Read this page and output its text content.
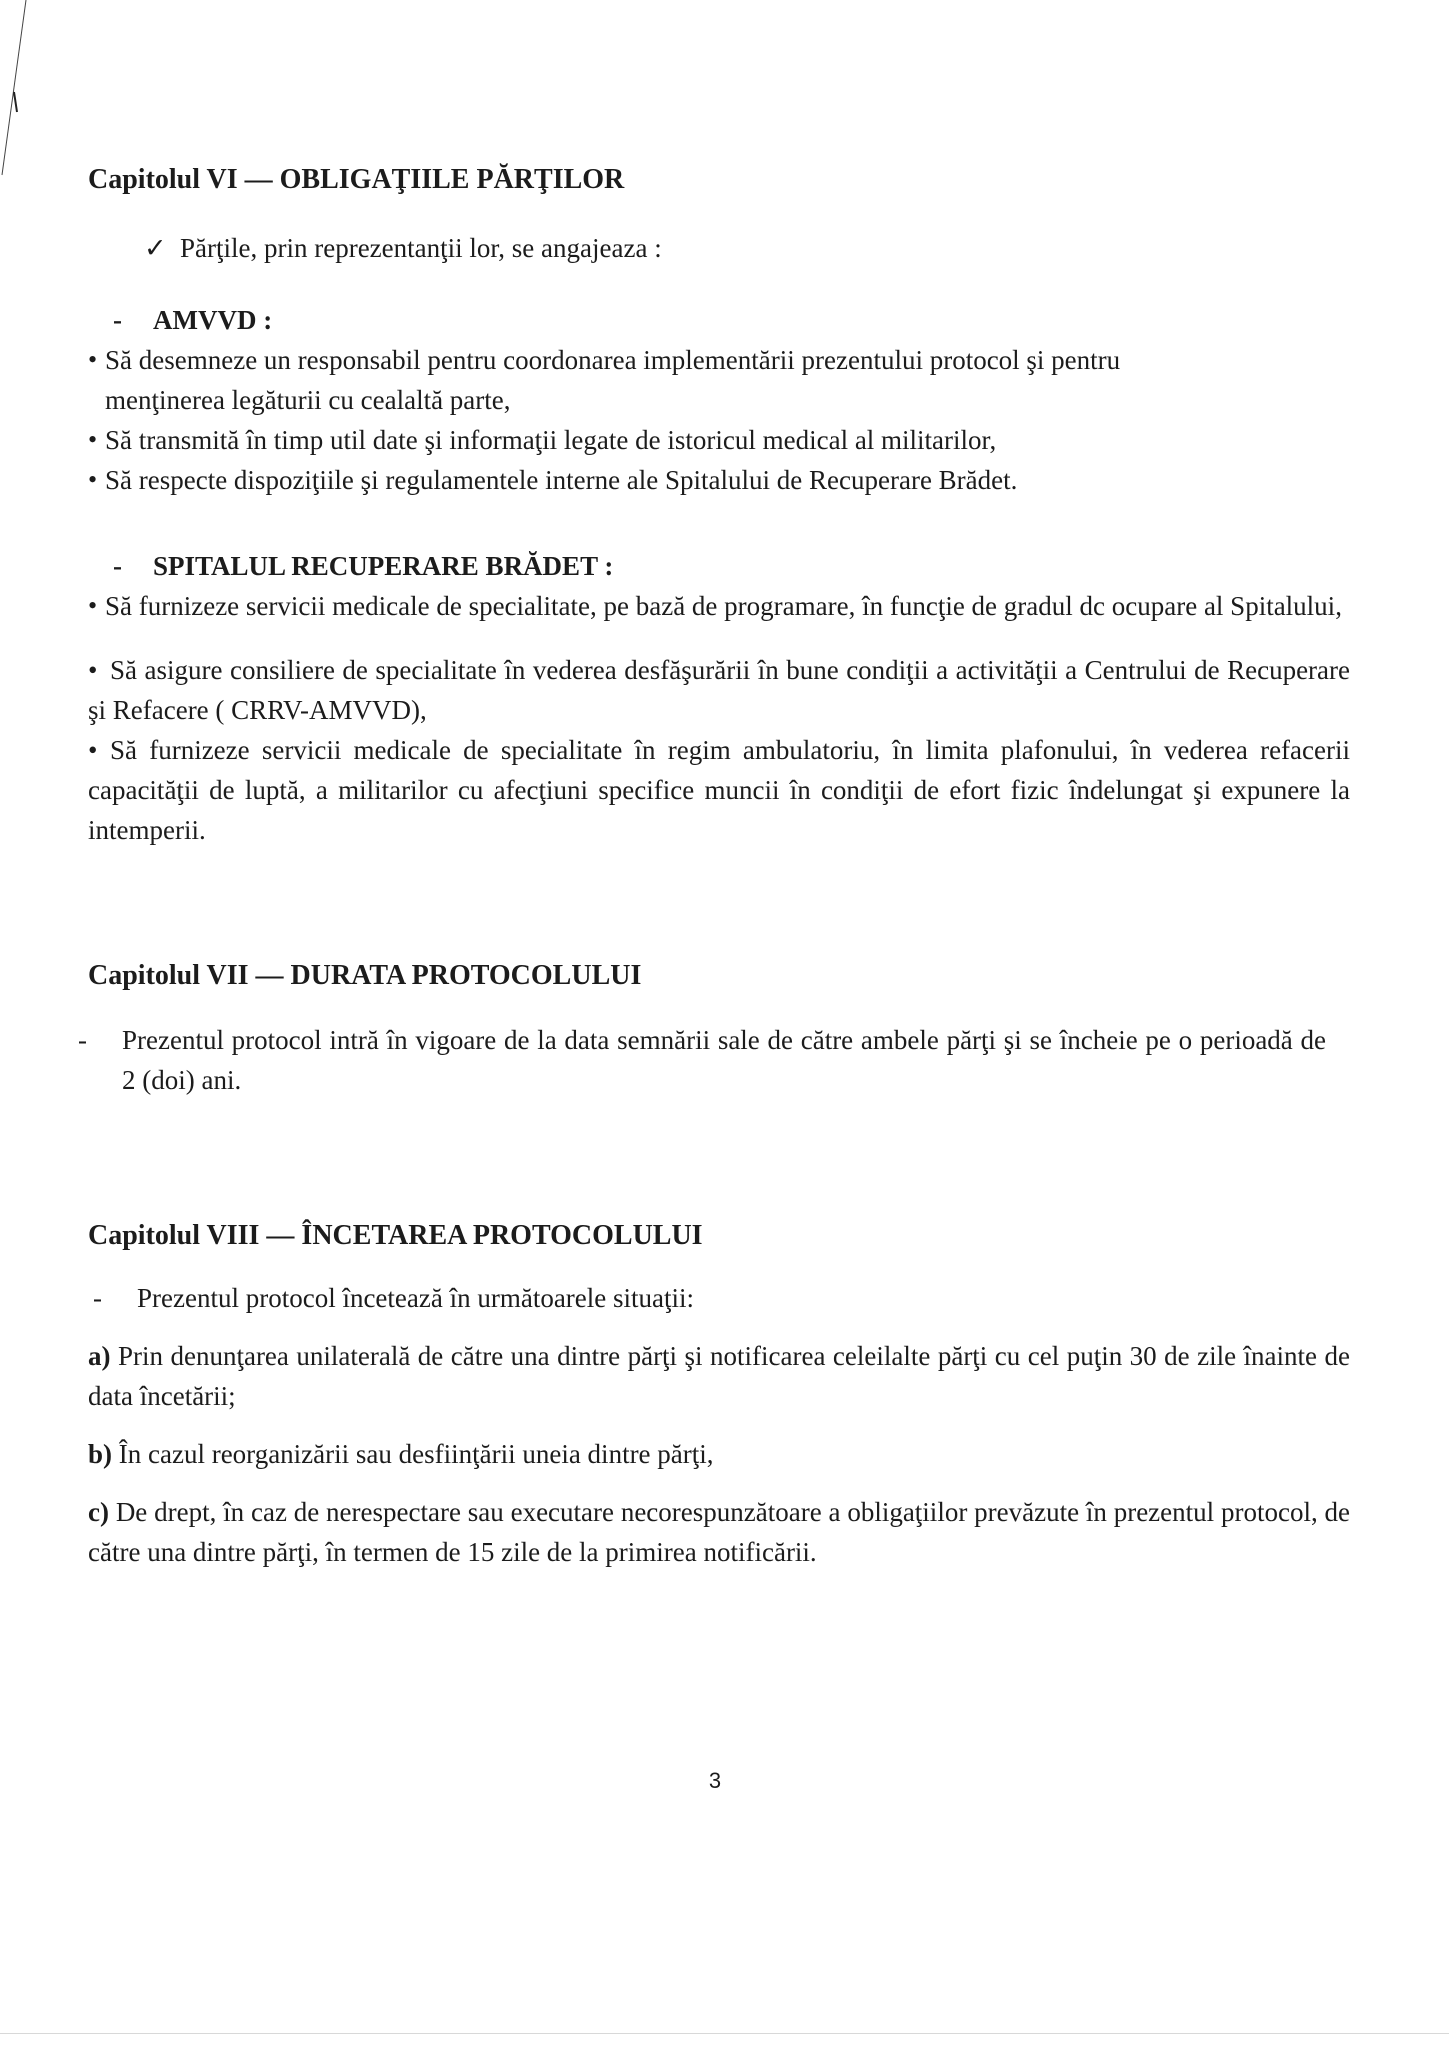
Capitolul VI — OBLIGAŢIILE PĂRŢILOR

✓ Părţile, prin reprezentanţii lor, se angajeaza :

- AMVVD :

• Să desemneze un responsabil pentru coordonarea implementării prezentului protocol şi pentru menţinerea legăturii cu cealaltă parte,
• Să transmită în timp util date şi informaţii legate de istoricul medical al militarilor,
• Să respecte dispoziţiile şi regulamentele interne ale Spitalului de Recuperare Brădet.

- SPITALUL RECUPERARE BRĂDET :

• Să furnizeze servicii medicale de specialitate, pe bază de programare, în funcţie de gradul dc ocupare al Spitalului,

• Să asigure consiliere de specialitate în vederea desfăşurării în bune condiţii a activităţii a Centrului de Recuperare şi Refacere ( CRRV-AMVVD),

• Să furnizeze servicii medicale de specialitate în regim ambulatoriu, în limita plafonului, în vederea refacerii capacităţii de luptă, a militarilor cu afecţiuni specifice muncii în condiţii de efort fizic îndelungat şi expunere la intemperii.

Capitolul VII — DURATA PROTOCOLULUI

- Prezentul protocol intră în vigoare de la data semnării sale de către ambele părţi şi se încheie pe o perioadă de 2 (doi) ani.

Capitolul VIII — ÎNCETAREA PROTOCOLULUI

- Prezentul protocol încetează în următoarele situaţii:

a) Prin denunţarea unilaterală de către una dintre părţi şi notificarea celeilalte părţi cu cel puţin 30 de zile înainte de data încetării;

b) În cazul reorganizării sau desfiinţării uneia dintre părţi,

c) De drept, în caz de nerespectare sau executare necorespunzătoare a obligaţiilor prevăzute în prezentul protocol, de către una dintre părţi, în termen de 15 zile de la primirea notificării.

3
